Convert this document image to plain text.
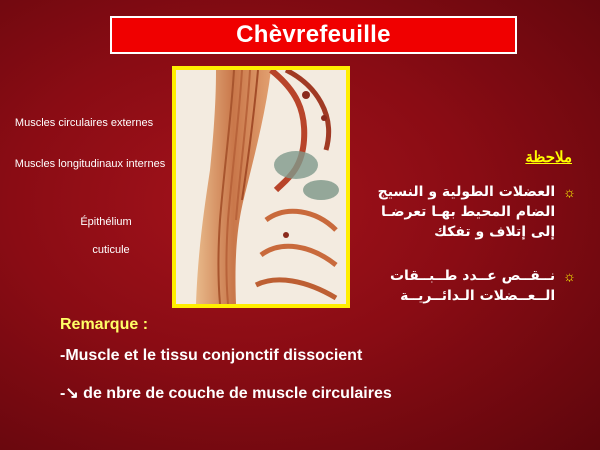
Chèvrefeuille
Muscles circulaires externes
Muscles longitudinaux internes
Épithélium
cuticule
ملاحظة
☼
العضلات الطولية و النسيج الضام المحيط بهـا تعرضـا إلى إتلاف و تفكك
☼
نــقــص عــدد طــبــقات الــعــضلات الـدائــريــة
Remarque :
-Muscle et le tissu conjonctif dissocient
-↘ de nbre de couche de muscle circulaires
